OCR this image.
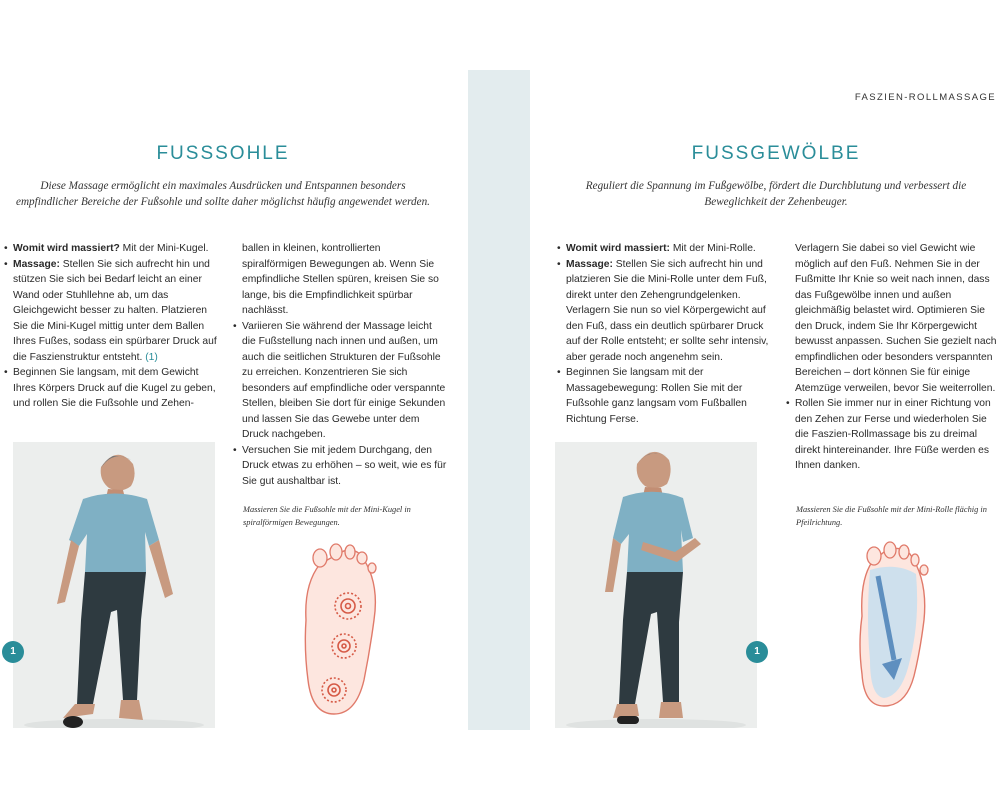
FASZIEN-ROLLMASSAGE
FUSSSOHLE

Diese Massage ermöglicht ein maximales Ausdrücken und Entspannen besonders empfindlicher Bereiche der Fußsohle und sollte daher möglichst häufig angewendet werden.

• Womit wird massiert? Mit der Mini-Kugel.
• Massage: Stellen Sie sich aufrecht hin und stützen Sie sich bei Bedarf leicht an einer Wand oder Stuhllehne ab, um das Gleichgewicht besser zu halten. Platzieren Sie die Mini-Kugel mittig unter dem Ballen Ihres Fußes, sodass ein spürbarer Druck auf die Faszienstruktur entsteht. (1)
• Beginnen Sie langsam, mit dem Gewicht Ihres Körpers Druck auf die Kugel zu geben, und rollen Sie die Fußsohle und Zehen-

ballen in kleinen, kontrollierten spiralförmigen Bewegungen ab. Wenn Sie empfindliche Stellen spüren, kreisen Sie so lange, bis die Empfindlichkeit spürbar nachlässt.

• Variieren Sie während der Massage leicht die Fußstellung nach innen und außen, um auch die seitlichen Strukturen der Fußsohle zu erreichen. Konzentrieren Sie sich besonders auf empfindliche oder verspannte Stellen, bleiben Sie dort für einige Sekunden und lassen Sie das Gewebe unter dem Druck nachgeben.
• Versuchen Sie mit jedem Durchgang, den Druck etwas zu erhöhen – so weit, wie es für Sie gut aushaltbar ist.
1
Massieren Sie die Fußsohle mit der Mini-Kugel in spiralförmigen Bewegungen.
FUSSGEWÖLBE

Reguliert die Spannung im Fußgewölbe, fördert die Durchblutung und verbessert die Beweglichkeit der Zehenbeuger.

• Womit wird massiert: Mit der Mini-Rolle.
• Massage: Stellen Sie sich aufrecht hin und platzieren Sie die Mini-Rolle unter dem Fuß, direkt unter den Zehengrundgelenken. Verlagern Sie nun so viel Körpergewicht auf den Fuß, dass ein deutlich spürbarer Druck auf der Rolle entsteht; er sollte sehr intensiv, aber gerade noch angenehm sein.
• Beginnen Sie langsam mit der Massagebewegung: Rollen Sie mit der Fußsohle ganz langsam vom Fußballen Richtung Ferse.

Verlagern Sie dabei so viel Gewicht wie möglich auf den Fuß. Nehmen Sie in der Fußmitte Ihr Knie so weit nach innen, dass das Fußgewölbe innen und außen gleichmäßig belastet wird. Optimieren Sie den Druck, indem Sie Ihr Körpergewicht bewusst anpassen. Suchen Sie gezielt nach empfindlichen oder besonders verspannten Bereichen – dort können Sie für einige Atemzüge verweilen, bevor Sie weiterrollen.

• Rollen Sie immer nur in einer Richtung von den Zehen zur Ferse und wiederholen Sie die Faszien-Rollmassage bis zu dreimal direkt hintereinander. Ihre Füße werden es Ihnen danken.
1
Massieren Sie die Fußsohle mit der Mini-Rolle flächig in Pfeilrichtung.
